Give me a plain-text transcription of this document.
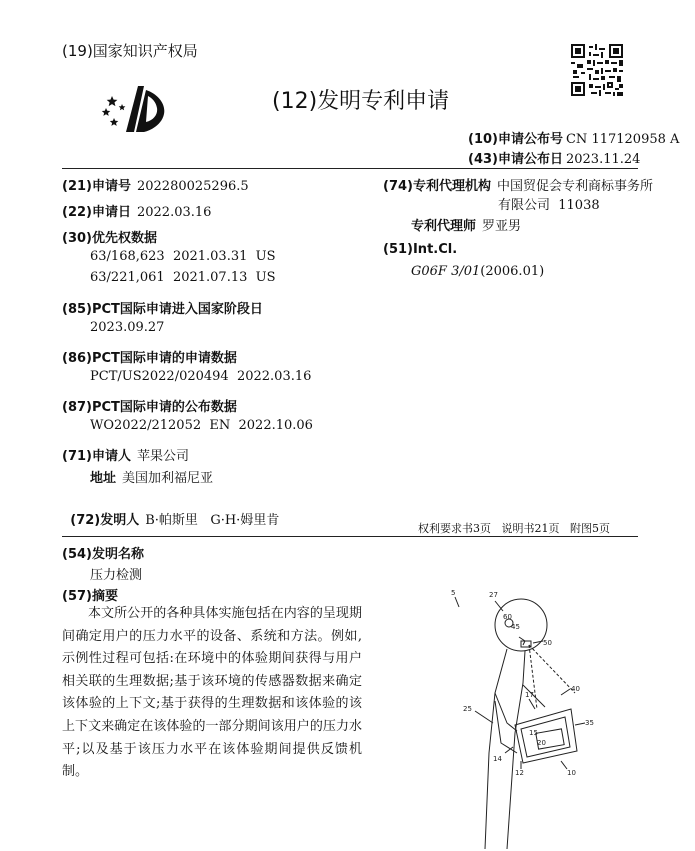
(19)国家知识产权局
(12)发明专利申请
(10)申请公布号 CN 117120958 A
(43)申请公布日 2023.11.24
(21)申请号 202280025296.5
(22)申请日 2022.03.16
(30)优先权数据
63/168,623  2021.03.31  US
63/221,061  2021.07.13  US
(85)PCT国际申请进入国家阶段日
2023.09.27
(86)PCT国际申请的申请数据
PCT/US2022/020494  2022.03.16
(87)PCT国际申请的公布数据
WO2022/212052  EN  2022.10.06
(71)申请人 苹果公司
地址 美国加利福尼亚

(72)发明人 B·帕斯里   G·H·姆里肯

(74)专利代理机构 中国贸促会专利商标事务所
有限公司  11038
专利代理师 罗亚男
(51)Int.Cl.
G06F 3/01(2006.01)
权利要求书3页   说明书21页   附图5页
(54)发明名称
压力检测
(57)摘要

本文所公开的各种具体实施包括在内容的呈现期间确定用户的压力水平的设备、系统和方法。例如,示例性过程可包括:在环境中的体验期间获得与用户相关联的生理数据;基于该环境的传感器数据来确定该体验的上下文;基于获得的生理数据和该体验的该上下文来确定在该体验的一部分期间该用户的压力水平;以及基于该压力水平在该体验期间提供反馈机制。

5	27
45
60
50
40
17
25
35
15
20
14
12	10
